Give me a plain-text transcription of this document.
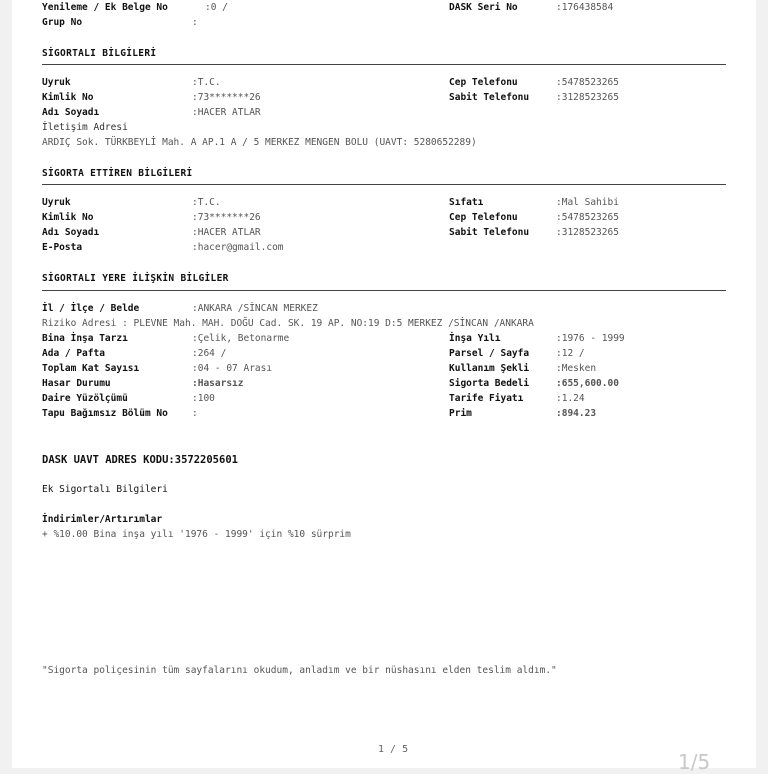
Yenileme / Ek Belge No	:0 /	DASK Seri No	:176438584
Grup No	:
SİGORTALI BİLGİLERİ
Uyruk	:T.C.	Cep Telefonu	:5478523265
Kimlik No	:73*******26	Sabit Telefonu	:3128523265
Adı Soyadı	:HACER ATLAR
İletişim Adresi
ARDIÇ Sok. TÜRKBEYLİ Mah. A AP.1 A / 5 MERKEZ MENGEN BOLU (UAVT: 5280652289)
SİGORTA ETTİREN BİLGİLERİ
Uyruk	:T.C.	Sıfatı	:Mal Sahibi
Kimlik No	:73*******26	Cep Telefonu	:5478523265
Adı Soyadı	:HACER ATLAR	Sabit Telefonu	:3128523265
E-Posta	:hacer@gmail.com
SİGORTALI YERE İLİŞKİN BİLGİLER
İl / İlçe / Belde	:ANKARA /SİNCAN MERKEZ
Riziko Adresi : PLEVNE Mah. MAH. DOĞU Cad. SK. 19 AP. NO:19 D:5 MERKEZ /SİNCAN /ANKARA
Bina İnşa Tarzı	:Çelik, Betonarme	İnşa Yılı	:1976 - 1999
Ada / Pafta	:264 /	Parsel / Sayfa	:12 /
Toplam Kat Sayısı	:04 - 07 Arası	Kullanım Şekli	:Mesken
Hasar Durumu	:Hasarsız	Sigorta Bedeli	:655,600.00
Daire Yüzölçümü	:100	Tarife Fiyatı	:1.24
Tapu Bağımsız Bölüm No	:	Prim	:894.23
DASK UAVT ADRES KODU:3572205601
Ek Sigortalı Bilgileri
İndirimler/Artırımlar
+ %10.00 Bina inşa yılı '1976 - 1999' için %10 sürprim
"Sigorta poliçesinin tüm sayfalarını okudum, anladım ve bir nüshasını elden teslim aldım."
1 / 5
1/5
